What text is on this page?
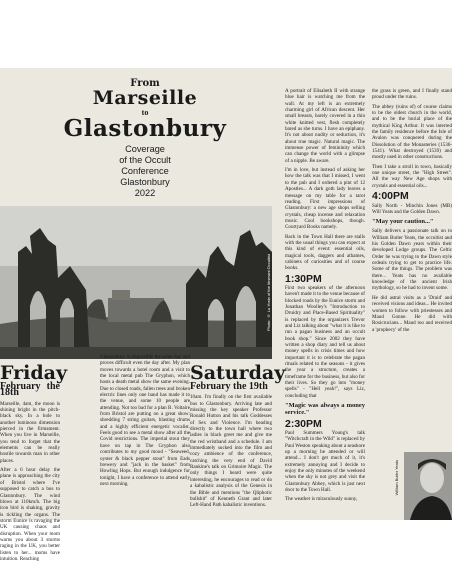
From
Marseille
to
Glastonbury
Coverage
of the Occult
Conference
Glastonbury
2022
Photo: © Lu Yosin of the Itinerant Occultist
Friday
February the 18th

Marseille, 4am, the moon is shining bright in the pitch-black sky. In a hole to another luminous dimension pierced in the firmament. When you live in Marseille, you tend to forget that the elements can be really hostile towards man in other places.

After a 6 hour delay the plane is approaching the city of Bristol where I've supposed to catch a bus to Glastonbury. The wind blows at 110km/h. The big iron bird is shaking, gravity is tickling the organs. The storm Eunice is ravaging the UK causing chaos and disruption. When your mom warns you about 3 storms raging in the UK, you better listen to her... moms have intuition. Reaching

Glastonbury is impossible the same day and proves difficult even the day after. My plan moves towards a hotel room and a visit to the local metal pub The Gryphon, which hosts a death metal show the same evening. Due to closed roads, fallen trees and broken electric lines only one band has made it to the venue, and some 10 people are attending. Not too bad for a plan B. Voltaire from Bristol are putting on a great show: shredding 7 string guitars, blasting drums and a highly efficient energetic vocalist. Feels good to see a metal show after all the Covid restrictions. The imperial stout they have on tap in The Gryphon also contributes to my good mood - "Seaweed, oyster & black pepper stout" from Eads brewery and "jack in the basket" from Howling Hops. But enough indulgence for tonight, I have a conference to attend early next morning.

Saturday
February the 19th

10am. I'm finally on the first available bus to Glastonbury. Arriving late and missing the key speaker Professor Ronald Hutton and his talk Goddesses of Sex and Violence. I'm heading directly to the town hall where two ladies in black greet me and give me the red wristband and a schedule. I am immediately sucked into the film and cozy ambience of the conference, catching the very end of David Rankine's talk on Grimoire Magic. The only things I heard were quite interesting, he encourages to read or do a kabalistic analysis of the Genesis in the Bible and mentions "the Qliphotic bullshit" of Kenneth Grant and later Left-Hand Path kabalistic inventions.

A portrait of Elisabeth II with strange blue hair is watching me from the wall. At my left is an extremely charming girl of African descent. Her small breasts, barely covered in a thin white knitted vest, flesh completely bared as she turns. I have an epiphany. It's not about nudity or seduction, it's about true magic. Natural magic. The immense power of femininity which can change the world with a glimpse of a nipple. Be aware.

I'm in love, but instead of asking her how the talk was that I missed, I went to the pub and I ordered a pint of 12 Apostles... A dark goth lady leaves a message on my table for a tarot reading. First impressions of Glastonbury: a new age shops selling crystals, cheap incense and relaxation music. Cool bookshops, though. Courtyard Books namely.

Back in the Town Hall there are stalls with the usual things you can expect at this kind of event: essential oils, magical tools, daggers and athames, cabinets of curiosities and of course books.

1:30PM

First two speakers of the afternoon haven't made it to the venue because of blocked roads by the Eunice storm and Jonathan Woolley's "Introduction to Druidry and Place-Based Spirituality" is replaced by the organizers Trevor and Liz talking about "what it is like to run a pagan business and an occult book shop." Since 2002 they have written a shop diary and tell us about money spells in crisis times and how important it is to celebrate the pagan rituals related to the seasons - it gives the year a structure, creates a timeframe for the business, but also for their lives. So they go into "money spells" - "Hell yeah!", says Liz, concluding that

"Magic was always a money service."

2:30PM

Paul Summers Young's talk "Witchcraft in the Wild" is replaced by Paul Weston speaking about a seashore up a morning he attended or will attend... I don't get much of it, it's extremely annoying and I decide to enjoy the only minutes of the weekend when the sky is not grey and visit the Glastonbury Abbey, which is just next door to the Town Hall.

The weather is miraculously sunny,

the grass is green, and I finally stand proud under the ruins.

The abbey (ruins of) of course claims to be the oldest church in the world, and to be the burial place of the mythical King Arthur. It was interred the family residence before the Isle of Avalon was conquered during the Dissolution of the Monasteries (1536-1541). What destroyed (1539) and mostly used in other constructions.

Then I take a stroll in town, basically one unique street, the "High Street". All the way New Age shops with crystals and essential oils...

4:00PM

Sally North - Minchin Jones (MB) Will Yeats and the Golden Dawn.

"May your caution..."

Sally delivers a passionate talk on to William Butler Yeats, the occultist and his Golden Dawn years within their developed Lodge groups. The Celtic Order he was trying to the Dawn style ordeals trying to get to practice life. Some of the things. The problem was there... Yeats has no available knowledge of the ancient Irish mythology, so he had to invent some.

He did astral visits as a 'Druid' and received visions and ideas... He invited women to follow with priestesses and Maud Gonne. He did with Rosicrucians... Maud too and received a 'prophecy' of the

William Butler Yeats
